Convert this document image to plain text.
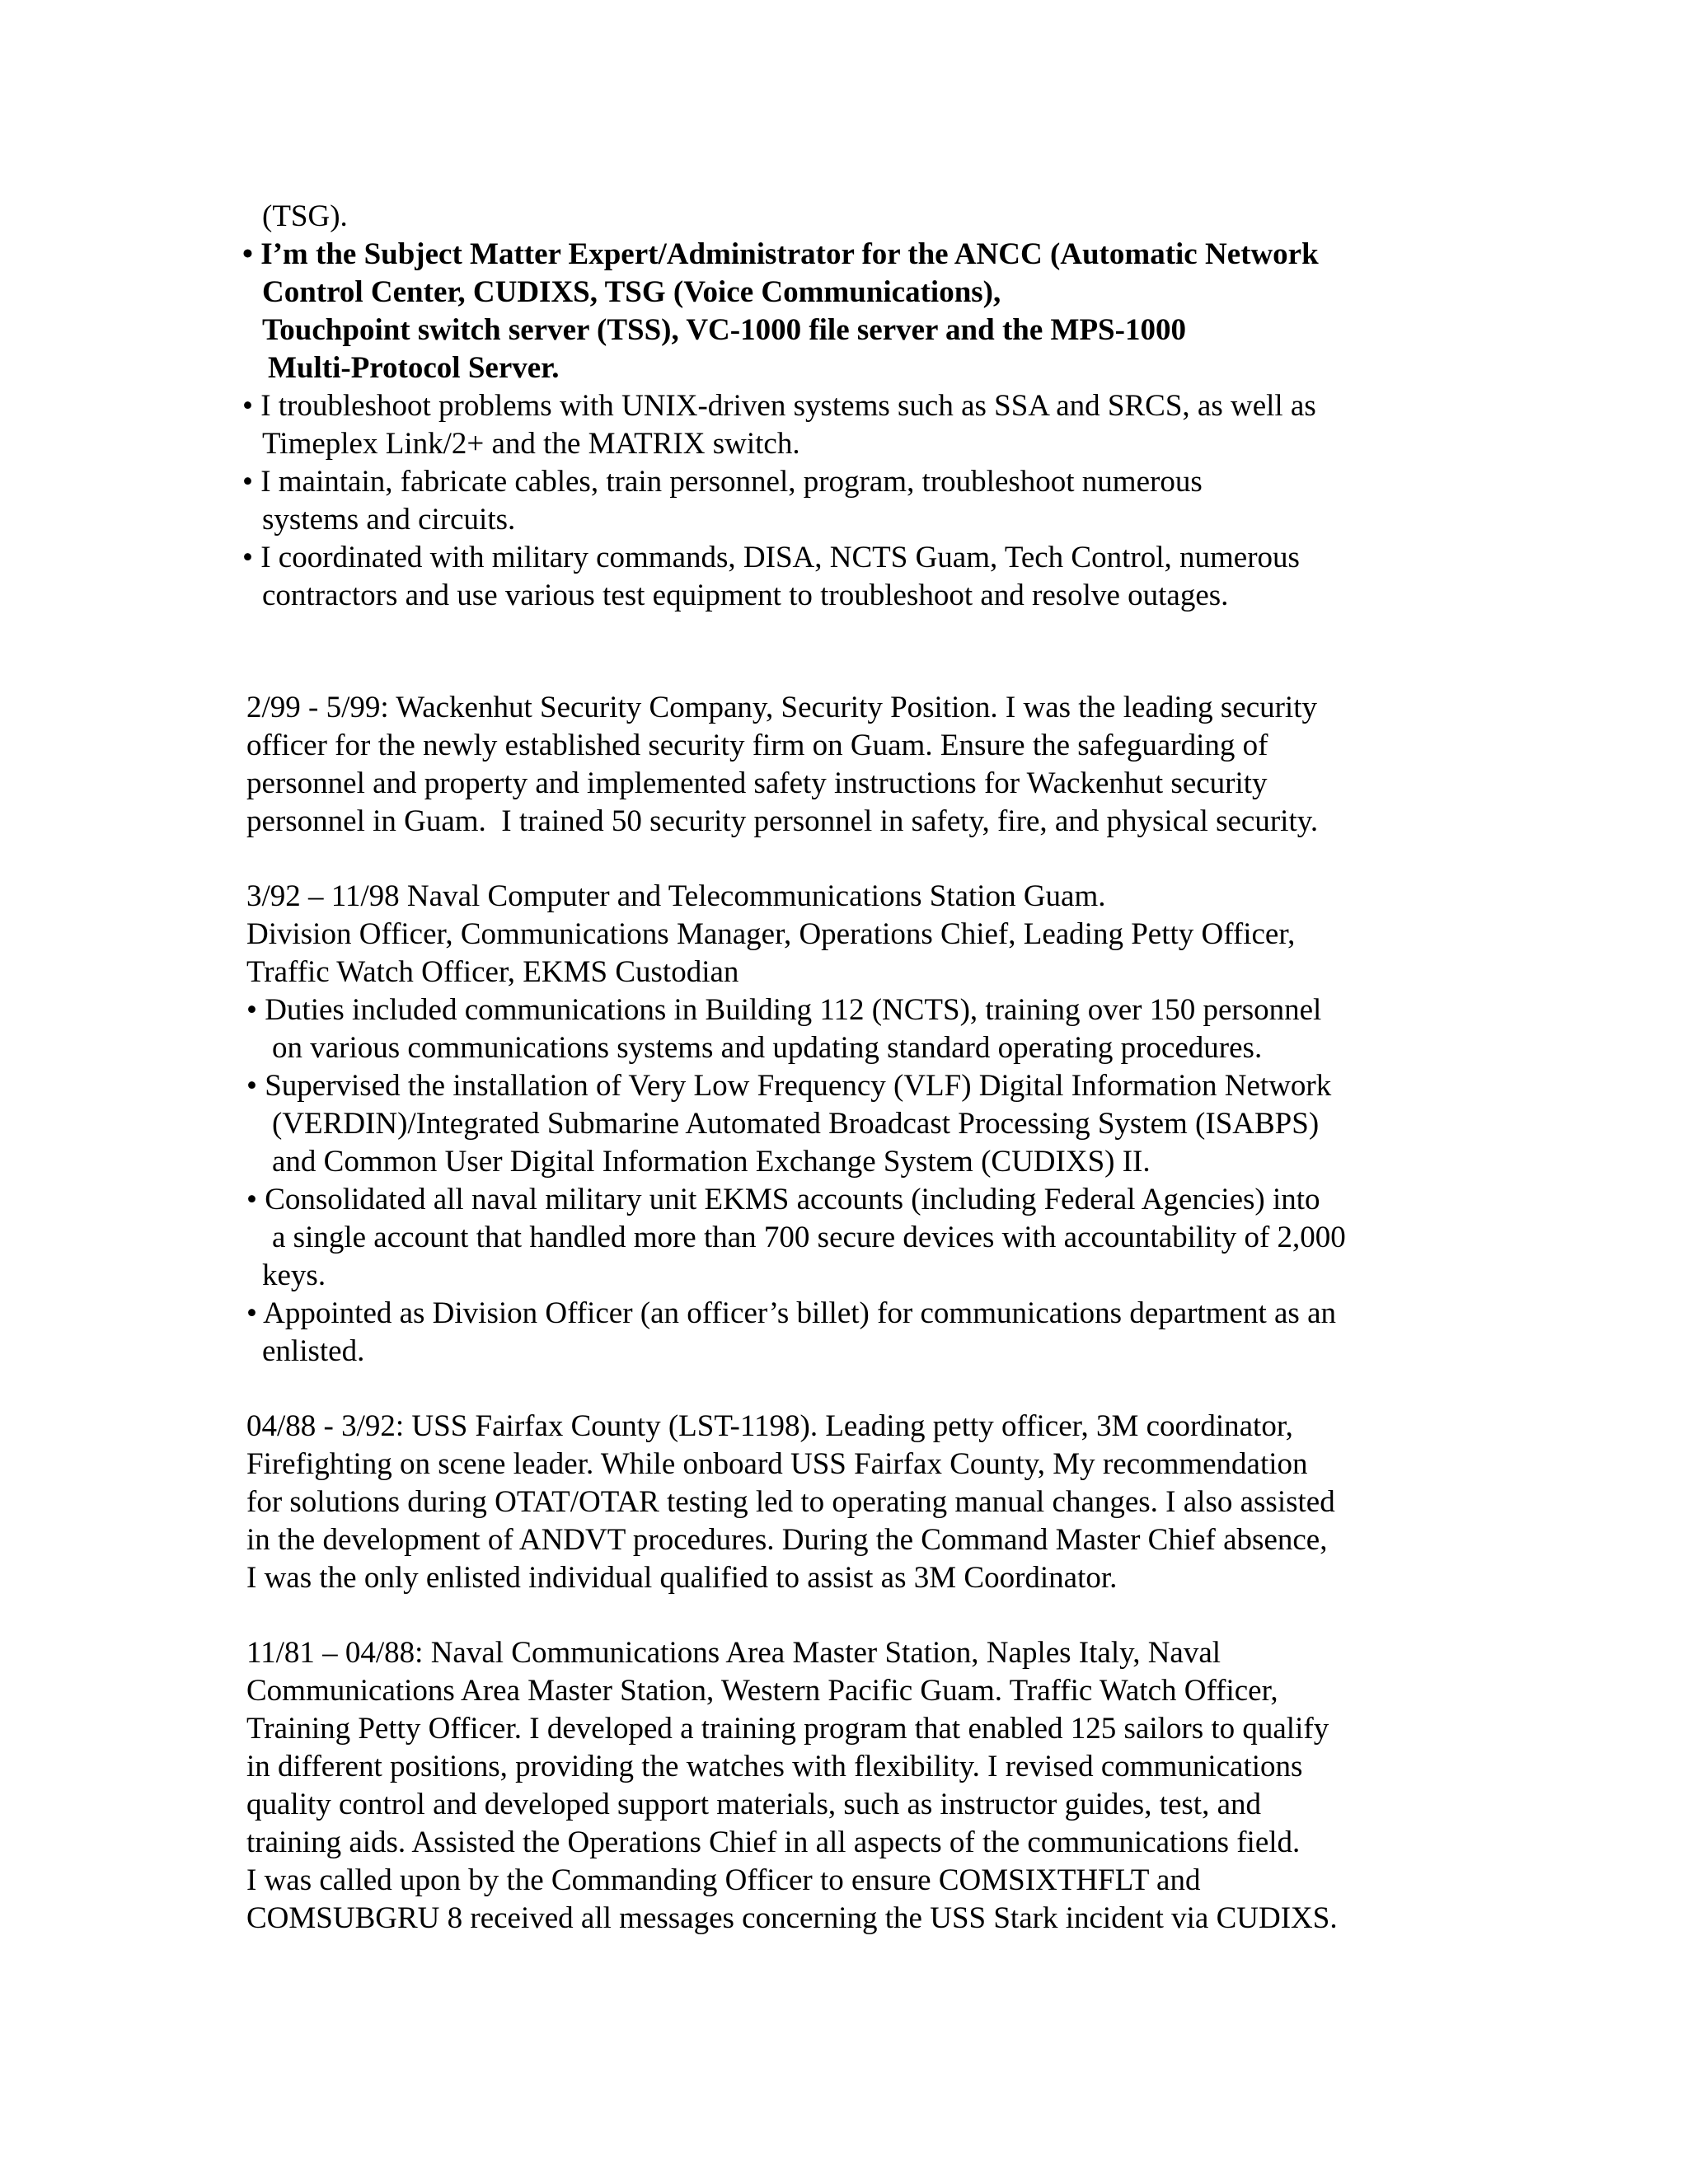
(TSG).
• I’m the Subject Matter Expert/Administrator for the ANCC (Automatic Network
Control Center, CUDIXS, TSG (Voice Communications),
Touchpoint switch server (TSS), VC-1000 file server and the MPS-1000
Multi-Protocol Server.
• I troubleshoot problems with UNIX-driven systems such as SSA and SRCS, as well as
Timeplex Link/2+ and the MATRIX switch.
• I maintain, fabricate cables, train personnel, program, troubleshoot numerous
systems and circuits.
• I coordinated with military commands, DISA, NCTS Guam, Tech Control, numerous
contractors and use various test equipment to troubleshoot and resolve outages.
2/99 - 5/99: Wackenhut Security Company, Security Position. I was the leading security
officer for the newly established security firm on Guam. Ensure the safeguarding of
personnel and property and implemented safety instructions for Wackenhut security
personnel in Guam.  I trained 50 security personnel in safety, fire, and physical security.
3/92 – 11/98 Naval Computer and Telecommunications Station Guam.
Division Officer, Communications Manager, Operations Chief, Leading Petty Officer,
Traffic Watch Officer, EKMS Custodian
• Duties included communications in Building 112 (NCTS), training over 150 personnel
on various communications systems and updating standard operating procedures.
• Supervised the installation of Very Low Frequency (VLF) Digital Information Network
(VERDIN)/Integrated Submarine Automated Broadcast Processing System (ISABPS)
and Common User Digital Information Exchange System (CUDIXS) II.
• Consolidated all naval military unit EKMS accounts (including Federal Agencies) into
a single account that handled more than 700 secure devices with accountability of 2,000
keys.
• Appointed as Division Officer (an officer’s billet) for communications department as an
enlisted.
04/88 - 3/92: USS Fairfax County (LST-1198). Leading petty officer, 3M coordinator,
Firefighting on scene leader. While onboard USS Fairfax County, My recommendation
for solutions during OTAT/OTAR testing led to operating manual changes. I also assisted
in the development of ANDVT procedures. During the Command Master Chief absence,
I was the only enlisted individual qualified to assist as 3M Coordinator.
11/81 – 04/88: Naval Communications Area Master Station, Naples Italy, Naval
Communications Area Master Station, Western Pacific Guam. Traffic Watch Officer,
Training Petty Officer. I developed a training program that enabled 125 sailors to qualify
in different positions, providing the watches with flexibility. I revised communications
quality control and developed support materials, such as instructor guides, test, and
training aids. Assisted the Operations Chief in all aspects of the communications field.
I was called upon by the Commanding Officer to ensure COMSIXTHFLT and
COMSUBGRU 8 received all messages concerning the USS Stark incident via CUDIXS.
